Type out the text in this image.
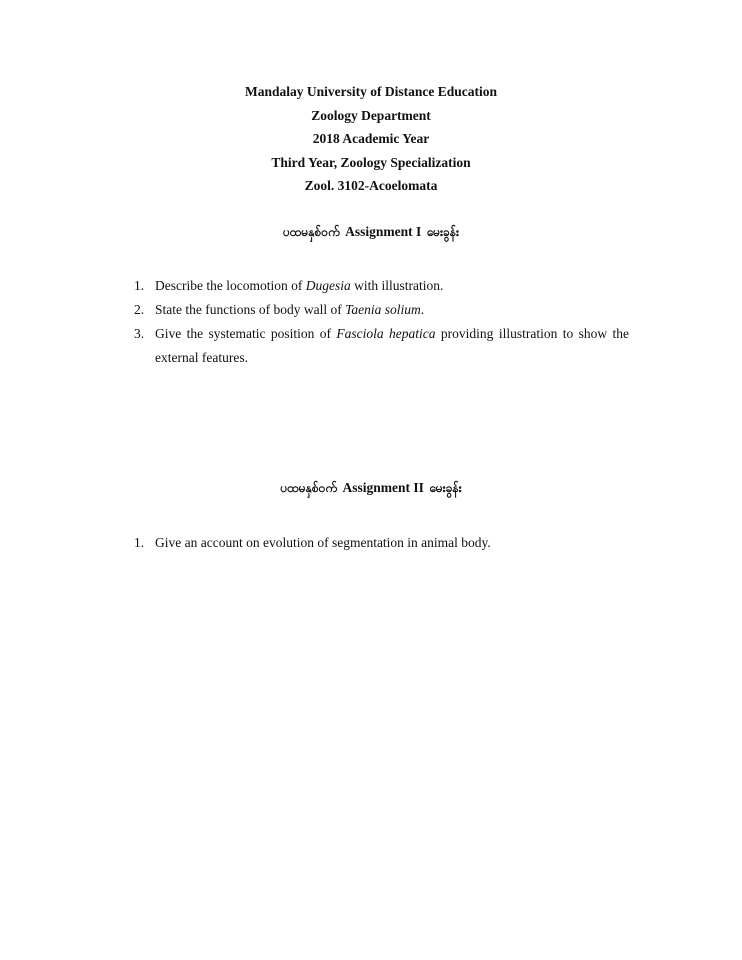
Mandalay University of Distance Education
Zoology Department
2018 Academic Year
Third Year, Zoology Specialization
Zool. 3102-Acoelomata
ပထမနှစ်ဝက် Assignment I မေးခွန်း
1. Describe the locomotion of Dugesia with illustration.
2. State the functions of body wall of Taenia solium.
3. Give the systematic position of Fasciola hepatica providing illustration to show the external features.
ပထမနှစ်ဝက် Assignment II မေးခွန်း
1. Give an account on evolution of segmentation in animal body.
